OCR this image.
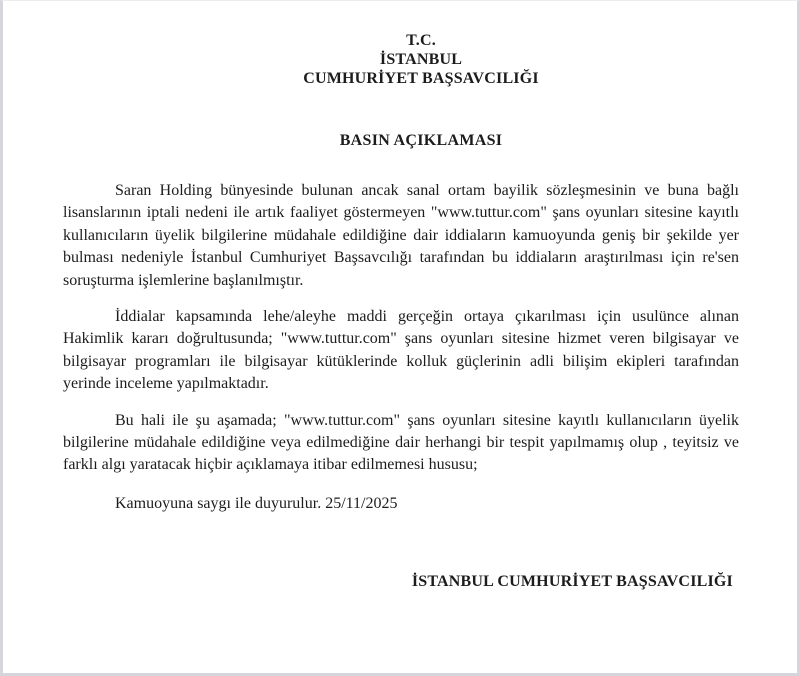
T.C.
İSTANBUL
CUMHURİYET BAŞSAVCILIĞI
BASIN AÇIKLAMASI

Saran Holding bünyesinde bulunan ancak sanal ortam bayilik sözleşmesinin ve buna bağlı lisanslarının iptali nedeni ile artık faaliyet göstermeyen "www.tuttur.com" şans oyunları sitesine kayıtlı kullanıcıların üyelik bilgilerine müdahale edildiğine dair iddiaların kamuoyunda geniş bir şekilde yer bulması nedeniyle İstanbul Cumhuriyet Başsavcılığı tarafından bu iddiaların araştırılması için re'sen soruşturma işlemlerine başlanılmıştır.

İddialar kapsamında lehe/aleyhe maddi gerçeğin ortaya çıkarılması için usulünce alınan Hakimlik kararı doğrultusunda; "www.tuttur.com" şans oyunları sitesine hizmet veren bilgisayar ve bilgisayar programları ile bilgisayar kütüklerinde kolluk güçlerinin adli bilişim ekipleri tarafından yerinde inceleme yapılmaktadır.

Bu hali ile şu aşamada; "www.tuttur.com" şans oyunları sitesine kayıtlı kullanıcıların üyelik bilgilerine müdahale edildiğine veya edilmediğine dair herhangi bir tespit yapılmamış olup , teyitsiz ve farklı algı yaratacak hiçbir açıklamaya itibar edilmemesi hususu;

Kamuoyuna saygı ile duyurulur. 25/11/2025
İSTANBUL CUMHURİYET BAŞSAVCILIĞI
